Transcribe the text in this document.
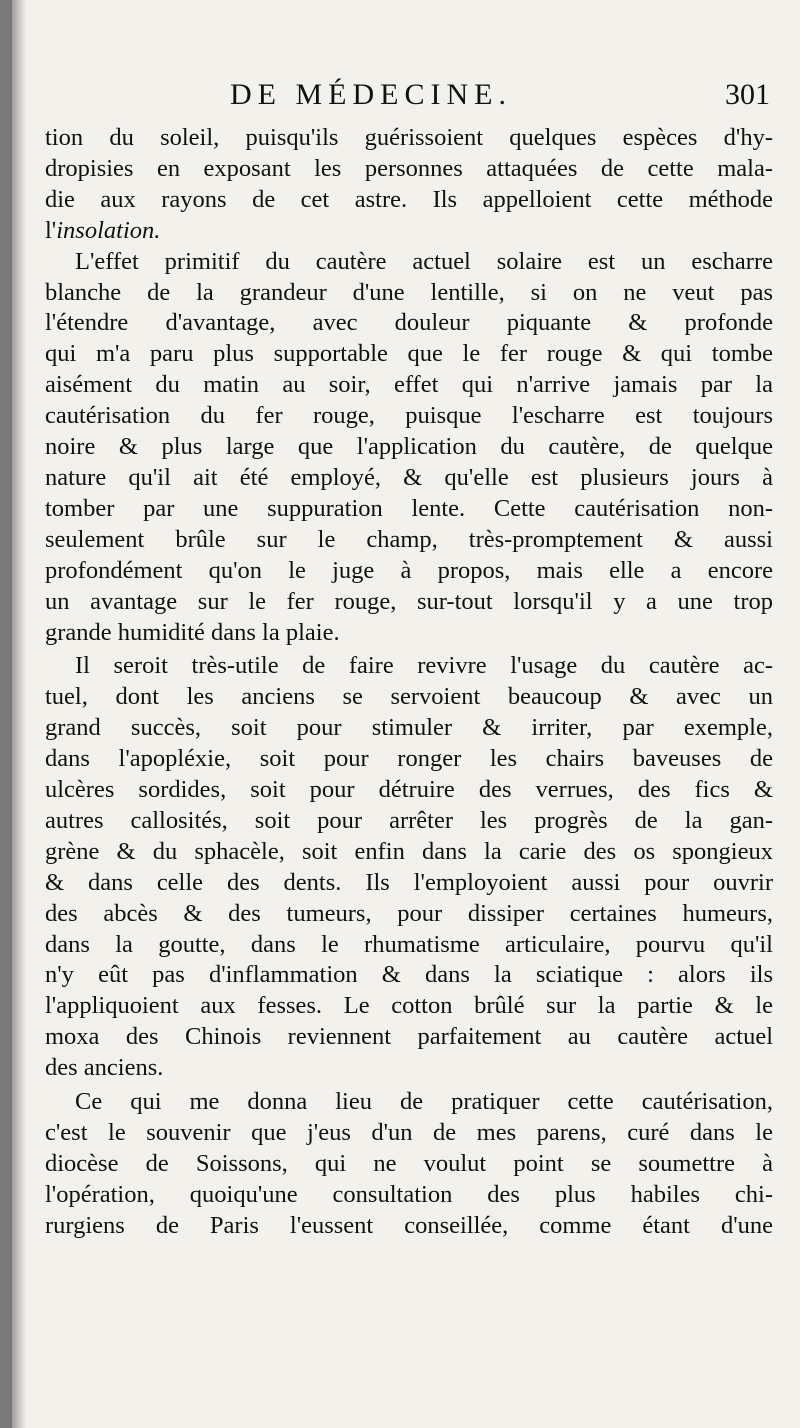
DE MÉDECINE.	301
tion du soleil, puisqu'ils guérissoient quelques espèces d'hy-
dropisies en exposant les personnes attaquées de cette mala-
die aux rayons de cet astre. Ils appelloient cette méthode
l'insolation.
L'effet primitif du cautère actuel solaire est un escharre
blanche de la grandeur d'une lentille, si on ne veut pas
l'étendre d'avantage, avec douleur piquante & profonde
qui m'a paru plus supportable que le fer rouge & qui tombe
aisément du matin au soir, effet qui n'arrive jamais par la
cautérisation du fer rouge, puisque l'escharre est toujours
noire & plus large que l'application du cautère, de quelque
nature qu'il ait été employé, & qu'elle est plusieurs jours à
tomber par une suppuration lente. Cette cautérisation non-
seulement brûle sur le champ, très-promptement & aussi
profondément qu'on le juge à propos, mais elle a encore
un avantage sur le fer rouge, sur-tout lorsqu'il y a une trop
grande humidité dans la plaie.
Il seroit très-utile de faire revivre l'usage du cautère ac-
tuel, dont les anciens se servoient beaucoup & avec un
grand succès, soit pour stimuler & irriter, par exemple,
dans l'apopléxie, soit pour ronger les chairs baveuses de
ulcères sordides, soit pour détruire des verrues, des fics &
autres callosités, soit pour arrêter les progrès de la gan-
grène & du sphacèle, soit enfin dans la carie des os spongieux
& dans celle des dents. Ils l'employoient aussi pour ouvrir
des abcès & des tumeurs, pour dissiper certaines humeurs,
dans la goutte, dans le rhumatisme articulaire, pourvu qu'il
n'y eût pas d'inflammation & dans la sciatique : alors ils
l'appliquoient aux fesses. Le cotton brûlé sur la partie & le
moxa des Chinois reviennent parfaitement au cautère actuel
des anciens.
Ce qui me donna lieu de pratiquer cette cautérisation,
c'est le souvenir que j'eus d'un de mes parens, curé dans le
diocèse de Soissons, qui ne voulut point se soumettre à
l'opération, quoiqu'une consultation des plus habiles chi-
rurgiens de Paris l'eussent conseillée, comme étant d'une
